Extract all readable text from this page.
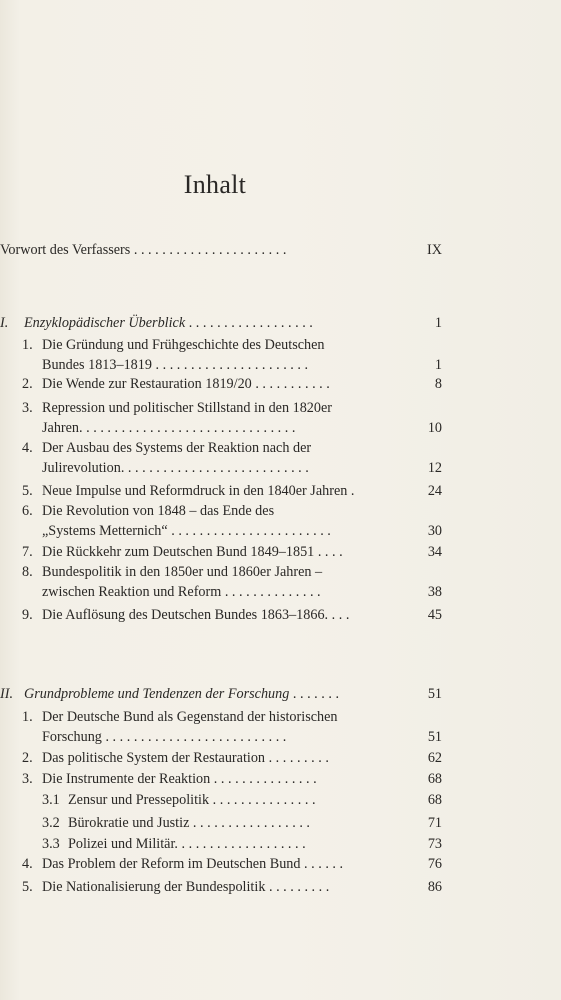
Inhalt
Vorwort des Verfassers . . . . . . . . . . . . . . . . . . . . . .	IX
I. Enzyklopädischer Überblick . . . . . . . . . . . . . . . . . .	1
1. Die Gründung und Frühgeschichte des Deutschen
Bundes 1813–1819 . . . . . . . . . . . . . . . . . . . . . .	1
2. Die Wende zur Restauration 1819/20 . . . . . . . . . . .	8
3. Repression und politischer Stillstand in den 1820er
Jahren. . . . . . . . . . . . . . . . . . . . . . . . . . . . . . .	10
4. Der Ausbau des Systems der Reaktion nach der
Julirevolution. . . . . . . . . . . . . . . . . . . . . . . . . . .	12
5. Neue Impulse und Reformdruck in den 1840er Jahren .	24
6. Die Revolution von 1848 – das Ende des
„Systems Metternich“ . . . . . . . . . . . . . . . . . . . . . . .	30
7. Die Rückkehr zum Deutschen Bund 1849–1851 . . . .	34
8. Bundespolitik in den 1850er und 1860er Jahren –
zwischen Reaktion und Reform . . . . . . . . . . . . . .	38
9. Die Auflösung des Deutschen Bundes 1863–1866. . . .	45
II. Grundprobleme und Tendenzen der Forschung . . . . . . .	51
1. Der Deutsche Bund als Gegenstand der historischen
Forschung . . . . . . . . . . . . . . . . . . . . . . . . . .	51
2. Das politische System der Restauration . . . . . . . . .	62
3. Die Instrumente der Reaktion . . . . . . . . . . . . . . .	68
3.1 Zensur und Pressepolitik . . . . . . . . . . . . . . .	68
3.2 Bürokratie und Justiz . . . . . . . . . . . . . . . . .	71
3.3 Polizei und Militär. . . . . . . . . . . . . . . . . . .	73
4. Das Problem der Reform im Deutschen Bund . . . . . .	76
5. Die Nationalisierung der Bundespolitik . . . . . . . . .	86
